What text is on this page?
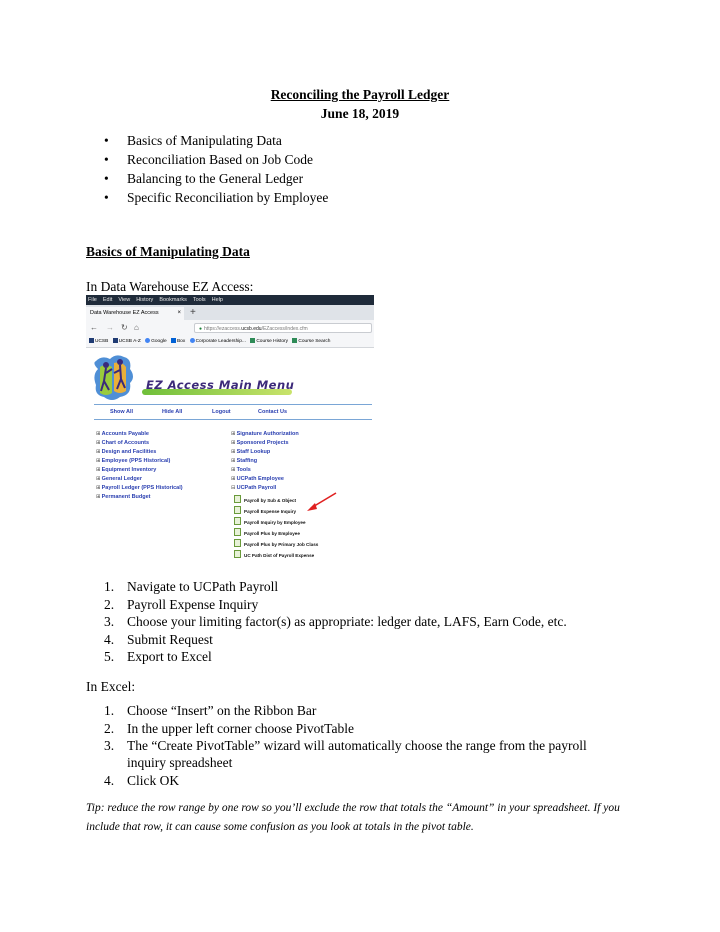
Reconciling the Payroll Ledger
June 18, 2019
• Basics of Manipulating Data
• Reconciliation Based on Job Code
• Balancing to the General Ledger
• Specific Reconciliation by Employee
Basics of Manipulating Data
In Data Warehouse EZ Access:
File Edit View History Bookmarks Tools Help
Data Warehouse EZ Access	× +
← → ↻ ⌂	● https://ezaccess.ucsb.edu/EZaccess/index.cfm
UCSB UCSB A-Z Google Box Corporate Leadership... Course History Course Search
EZ Access Main Menu
Show All	Hide All	Logout	Contact Us
⊞Accounts Payable
⊞Chart of Accounts
⊞Design and Facilities
⊞Employee (PPS Historical)
⊞Equipment Inventory
⊞General Ledger
⊞Payroll Ledger (PPS Historical)
⊞Permanent Budget
⊞Signature Authorization
⊞Sponsored Projects
⊞Staff Lookup
⊞Staffing
⊞Tools
⊞UCPath Employee
⊟UCPath Payroll
Payroll by Sub & Object
Payroll Expense Inquiry
Payroll Inquiry by Employee
Payroll Plus by Employee
Payroll Plus by Primary Job Class
UC Path Dist of Payroll Expense
1. Navigate to UCPath Payroll
2. Payroll Expense Inquiry
3. Choose your limiting factor(s) as appropriate: ledger date, LAFS, Earn Code, etc.
4. Submit Request
5. Export to Excel
In Excel:
1. Choose “Insert” on the Ribbon Bar
2. In the upper left corner choose PivotTable
3. The “Create PivotTable” wizard will automatically choose the range from the payroll inquiry spreadsheet
4. Click OK
Tip: reduce the row range by one row so you’ll exclude the row that totals the “Amount” in your spreadsheet. If you include that row, it can cause some confusion as you look at totals in the pivot table.
